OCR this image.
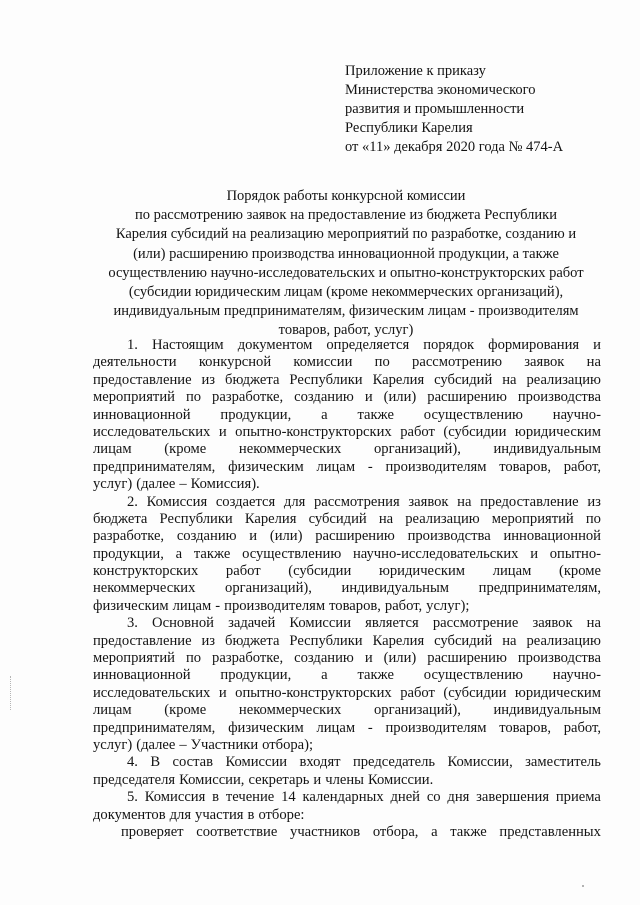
Приложение к приказу
Министерства экономического
развития и промышленности
Республики Карелия
от «11» декабря 2020 года № 474-А
Порядок работы конкурсной комиссии
по рассмотрению заявок на предоставление из бюджета Республики
Карелия субсидий на реализацию мероприятий по разработке, созданию и
(или) расширению производства инновационной продукции, а также
осуществлению научно-исследовательских и опытно-конструкторских работ
(субсидии юридическим лицам (кроме некоммерческих организаций),
индивидуальным предпринимателям, физическим лицам - производителям
товаров, работ, услуг)
1. Настоящим документом определяется порядок формирования и
деятельности конкурсной комиссии по рассмотрению заявок на
предоставление из бюджета Республики Карелия субсидий на реализацию
мероприятий по разработке, созданию и (или) расширению производства
инновационной продукции, а также осуществлению научно-
исследовательских и опытно-конструкторских работ (субсидии юридическим
лицам (кроме некоммерческих организаций), индивидуальным
предпринимателям, физическим лицам - производителям товаров, работ,
услуг) (далее – Комиссия).
2. Комиссия создается для рассмотрения заявок на предоставление из
бюджета Республики Карелия субсидий на реализацию мероприятий по
разработке, созданию и (или) расширению производства инновационной
продукции, а также осуществлению научно-исследовательских и опытно-
конструкторских работ (субсидии юридическим лицам (кроме
некоммерческих организаций), индивидуальным предпринимателям,
физическим лицам - производителям товаров, работ, услуг);
3. Основной задачей Комиссии является рассмотрение заявок на
предоставление из бюджета Республики Карелия субсидий на реализацию
мероприятий по разработке, созданию и (или) расширению производства
инновационной продукции, а также осуществлению научно-
исследовательских и опытно-конструкторских работ (субсидии юридическим
лицам (кроме некоммерческих организаций), индивидуальным
предпринимателям, физическим лицам - производителям товаров, работ,
услуг) (далее – Участники отбора);
4. В состав Комиссии входят председатель Комиссии, заместитель
председателя Комиссии, секретарь и члены Комиссии.
5. Комиссия в течение 14 календарных дней со дня завершения приема
документов для участия в отборе:
проверяет соответствие участников отбора, а также представленных
